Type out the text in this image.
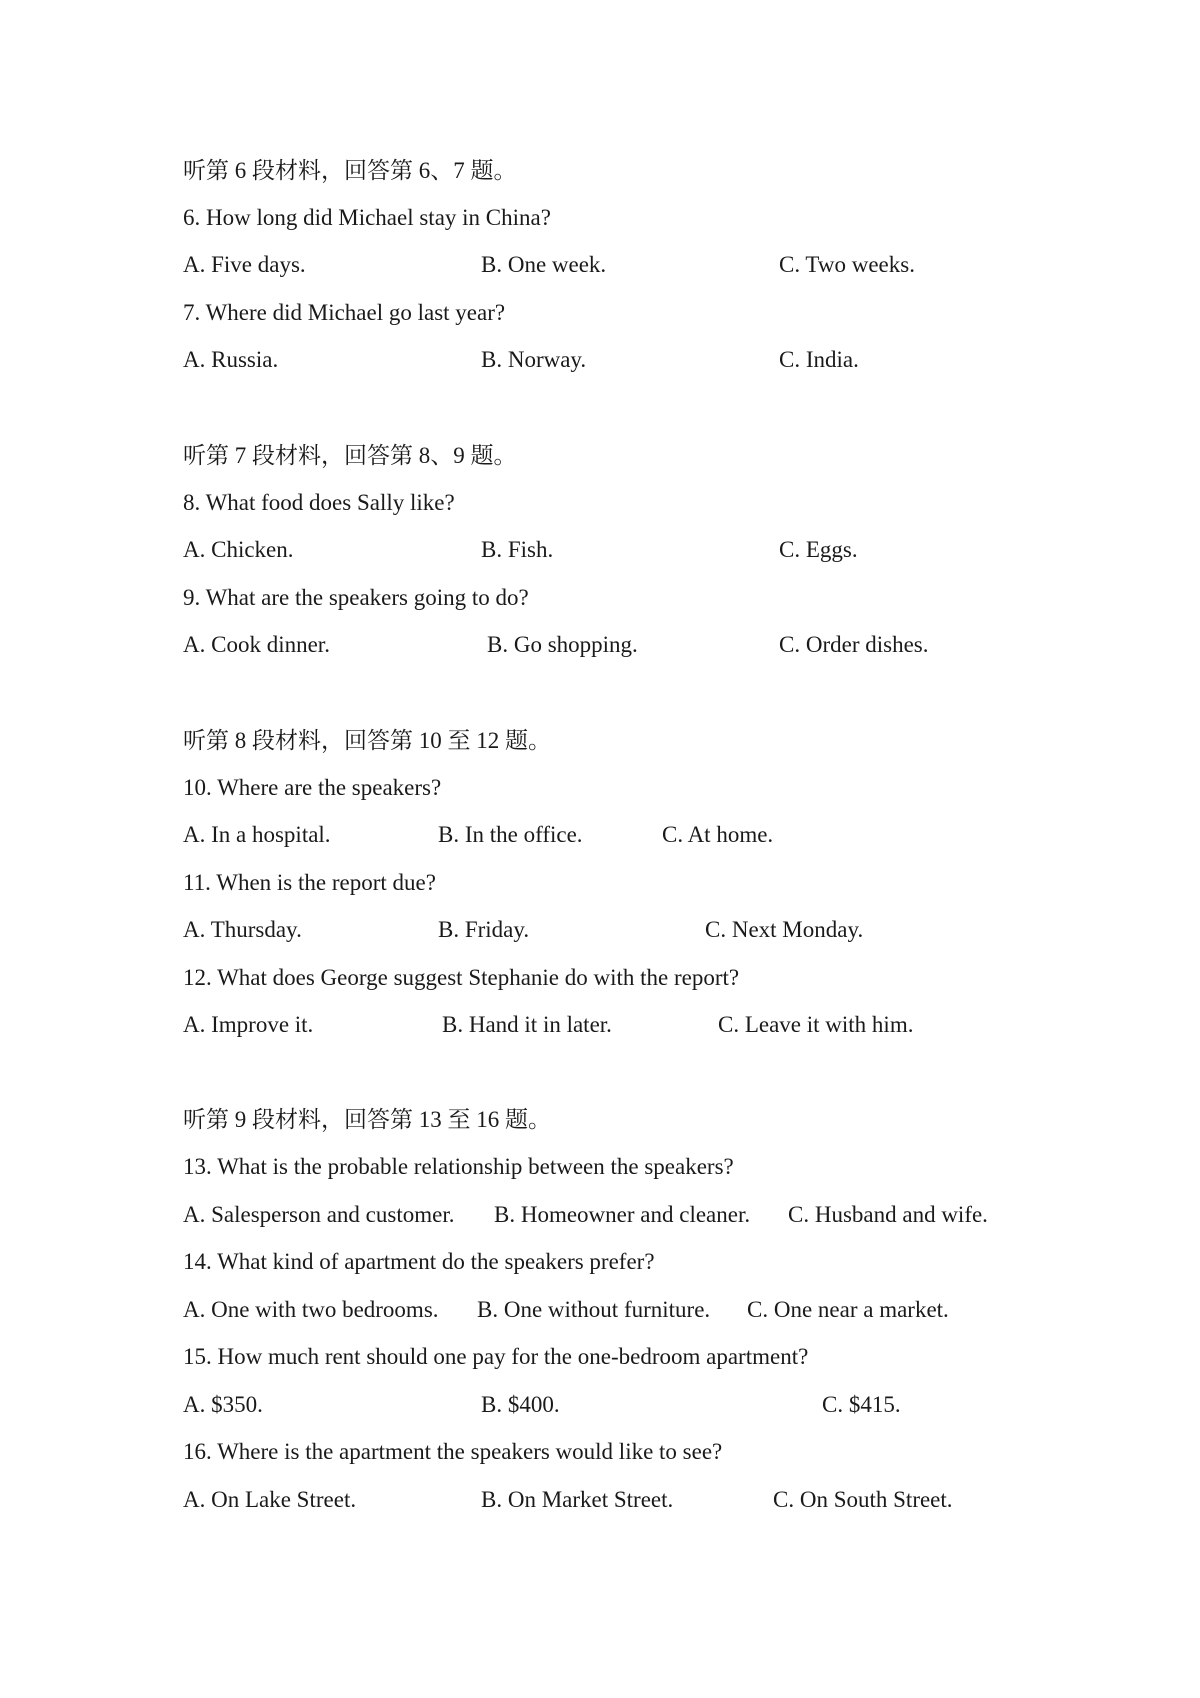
听第 6 段材料，回答第 6、7 题。
6. How long did Michael stay in China?
A. Five days.	B. One week.	C. Two weeks.
7. Where did Michael go last year?
A. Russia.	B. Norway.	C. India.
听第 7 段材料，回答第 8、9 题。
8. What food does Sally like?
A. Chicken.	B. Fish.	C. Eggs.
9. What are the speakers going to do?
A. Cook dinner.	B. Go shopping.	C. Order dishes.
听第 8 段材料，回答第 10 至 12 题。
10. Where are the speakers?
A. In a hospital.	B. In the office.	C. At home.
11. When is the report due?
A. Thursday.	B. Friday.	C. Next Monday.
12. What does George suggest Stephanie do with the report?
A. Improve it.	B. Hand it in later.	C. Leave it with him.
听第 9 段材料，回答第 13 至 16 题。
13. What is the probable relationship between the speakers?
A. Salesperson and customer. B. Homeowner and cleaner. C. Husband and wife.
14. What kind of apartment do the speakers prefer?
A. One with two bedrooms. B. One without furniture. C. One near a market.
15. How much rent should one pay for the one-bedroom apartment?
A. $350.	B. $400.	C. $415.
16. Where is the apartment the speakers would like to see?
A. On Lake Street.	B. On Market Street.	C. On South Street.
